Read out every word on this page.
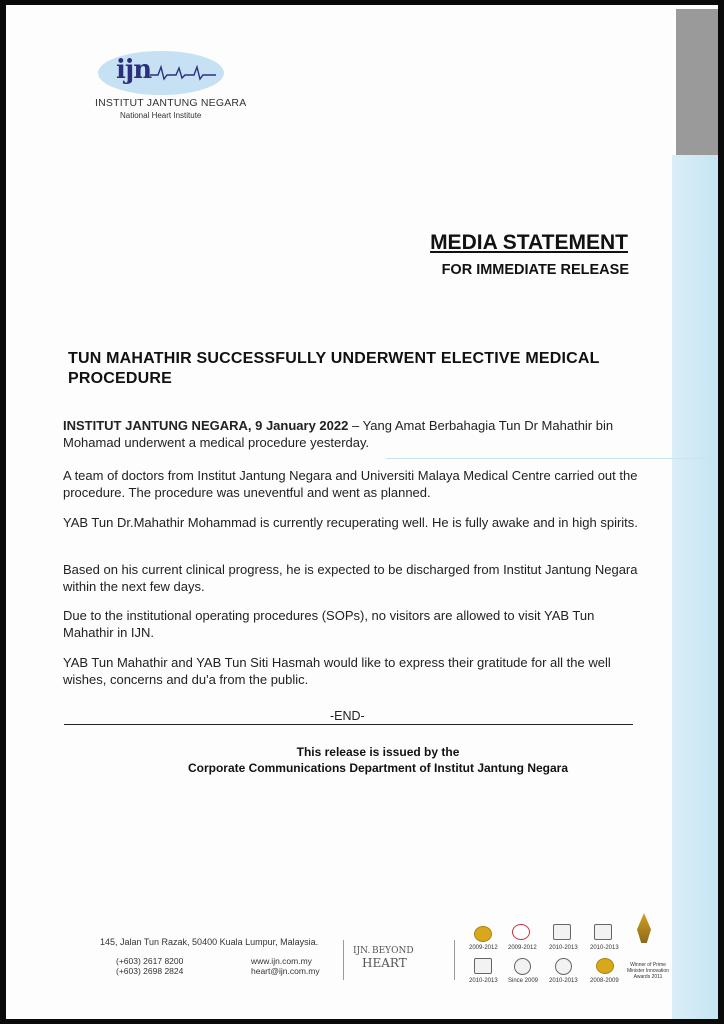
ijn
INSTITUT JANTUNG NEGARA
National Heart Institute
MEDIA STATEMENT
FOR IMMEDIATE RELEASE
TUN MAHATHIR SUCCESSFULLY UNDERWENT ELECTIVE MEDICAL PROCEDURE
INSTITUT JANTUNG NEGARA, 9 January 2022 – Yang Amat Berbahagia Tun Dr Mahathir bin Mohamad underwent a medical procedure yesterday.
A team of doctors from Institut Jantung Negara and Universiti Malaya Medical Centre carried out the procedure. The procedure was uneventful and went as planned.
YAB Tun Dr.Mahathir Mohammad is currently recuperating well. He is fully awake and in high spirits.
Based on his current clinical progress, he is expected to be discharged from Institut Jantung Negara within the next few days.
Due to the institutional operating procedures (SOPs), no visitors are allowed to visit YAB Tun Mahathir in IJN.
YAB Tun Mahathir and YAB Tun Siti Hasmah would like to express their gratitude for all the well wishes, concerns and du'a from the public.
-END-
This release is issued by the
Corporate Communications Department of Institut Jantung Negara
145, Jalan Tun Razak, 50400 Kuala Lumpur, Malaysia.
(+603) 2617 8200
(+603) 2698 2824
www.ijn.com.my
heart@ijn.com.my
IJN. BEYOND
HEART
2009-2012 2009-2012 2010-2013 2010-2013
2010-2013 Since 2009 2010-2013 2008-2009
Winner of Prime Minister Innovation Awards 2011
